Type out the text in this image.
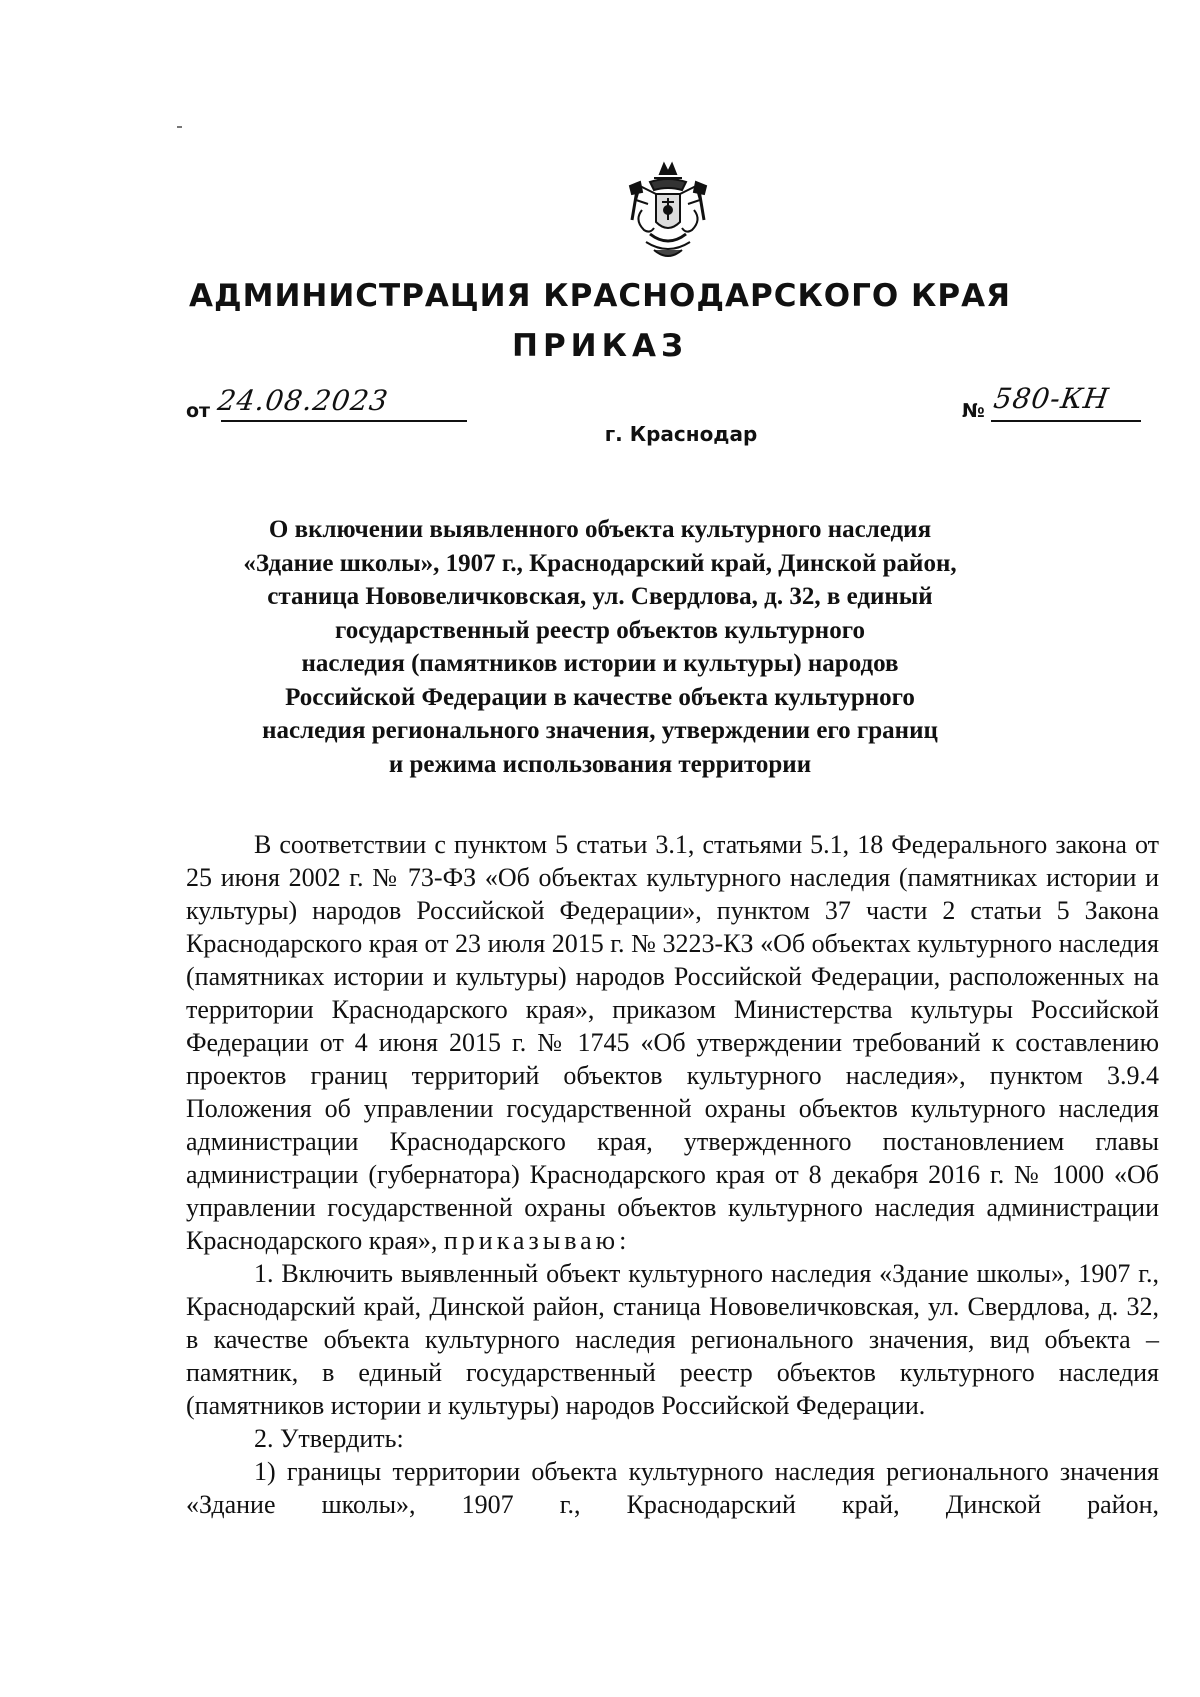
АДМИНИСТРАЦИЯ КРАСНОДАРСКОГО КРАЯ
ПРИКАЗ
от 24.08.2023
г. Краснодар
№ 580-КН
О включении выявленного объекта культурного наследия
«Здание школы», 1907 г., Краснодарский край, Динской район,
станица Нововеличковская, ул. Свердлова, д. 32, в единый
государственный реестр объектов культурного
наследия (памятников истории и культуры) народов
Российской Федерации в качестве объекта культурного
наследия регионального значения, утверждении его границ
и режима использования территории

В соответствии с пунктом 5 статьи 3.1, статьями 5.1, 18 Федерального закона от 25 июня 2002 г. № 73-ФЗ «Об объектах культурного наследия (памятниках истории и культуры) народов Российской Федерации», пунктом 37 части 2 статьи 5 Закона Краснодарского края от 23 июля 2015 г. № 3223-КЗ «Об объектах культурного наследия (памятниках истории и культуры) народов Российской Федерации, расположенных на территории Краснодарского края», приказом Министерства культуры Российской Федерации от 4 июня 2015 г. № 1745 «Об утверждении требований к составлению проектов границ территорий объектов культурного наследия», пунктом 3.9.4 Положения об управлении государственной охраны объектов культурного наследия администрации Краснодарского края, утвержденного постановлением главы администрации (губернатора) Краснодарского края от 8 декабря 2016 г. № 1000 «Об управлении государственной охраны объектов культурного наследия администрации Краснодарского края», приказываю:

1. Включить выявленный объект культурного наследия «Здание школы», 1907 г., Краснодарский край, Динской район, станица Нововеличковская, ул. Свердлова, д. 32, в качестве объекта культурного наследия регионального значения, вид объекта – памятник, в единый государственный реестр объектов культурного наследия (памятников истории и культуры) народов Российской Федерации.

2. Утвердить:

1) границы территории объекта культурного наследия регионального значения «Здание школы», 1907 г., Краснодарский край, Динской район,
